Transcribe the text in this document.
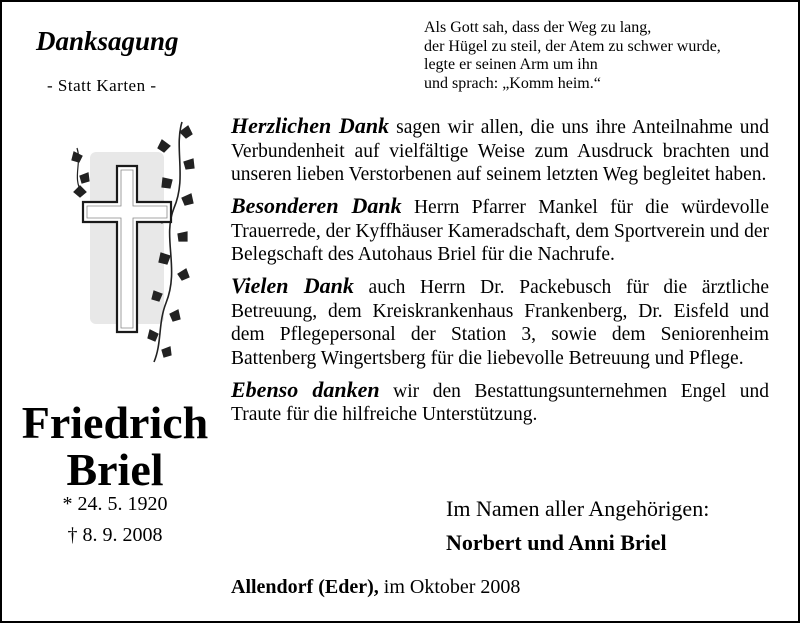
Danksagung
- Statt Karten -
Als Gott sah, dass der Weg zu lang,
der Hügel zu steil, der Atem zu schwer wurde,
legte er seinen Arm um ihn
und sprach: „Komm heim.“
Friedrich
Briel
* 24. 5. 1920
† 8. 9. 2008

Herzlichen Dank sagen wir allen, die uns ihre Anteilnahme und Verbundenheit auf vielfältige Weise zum Ausdruck brachten und unseren lieben Verstorbenen auf seinem letzten Weg begleitet haben.

Besonderen Dank Herrn Pfarrer Mankel für die würdevolle Trauerrede, der Kyffhäuser Kameradschaft, dem Sportverein und der Belegschaft des Autohaus Briel für die Nachrufe.

Vielen Dank auch Herrn Dr. Packebusch für die ärztliche Betreuung, dem Kreiskrankenhaus Frankenberg, Dr. Eisfeld und dem Pflegepersonal der Station 3, sowie dem Seniorenheim Battenberg Wingertsberg für die liebevolle Betreuung und Pflege.

Ebenso danken wir den Bestattungsunternehmen Engel und Traute für die hilfreiche Unterstützung.

Im Namen aller Angehörigen:
Norbert und Anni Briel
Allendorf (Eder), im Oktober 2008
